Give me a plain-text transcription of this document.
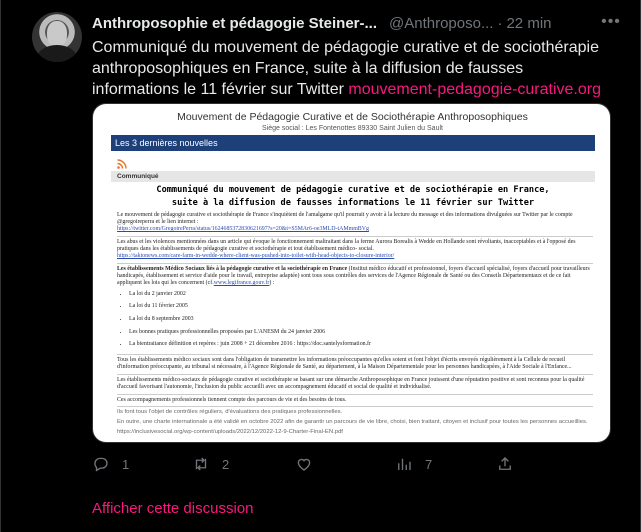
Anthroposophie et pédagogie Steiner-... @Anthroposo... · 22 min	•••
Communiqué du mouvement de pédagogie curative et de sociothérapie anthroposophiques en France, suite à la diffusion de fausses informations le 11 février sur Twitter mouvement-pedagogie-curative.org
Mouvement de Pédagogie Curative et de Sociothérapie Anthroposophiques
Siège social : Les Fontenottes 89330 Saint Julien du Sault
Les 3 dernières nouvelles
Communiqué
Communiqué du mouvement de pédagogie curative et de sociothérapie en France,
suite à la diffusion de fausses informations le 11 février sur Twitter

Le mouvement de pédagogie curative et sociothérapie de France s'inquiètent de l'amalgame qu'il pourrait y avoir à la lecture du message et des informations divulguées sur Twitter par le compte @gregoireperra et le lien internet :
https://twitter.com/GregoirePerra/status/1624685372830621697?s=20&t=S5MAr6-oe3MLD-tAMmmBVg

Les abus et les violences mentionnées dans un article qui évoque le fonctionnement maltraitant dans la ferme Aurora Borealis à Wedde en Hollande sont révoltants, inacceptables et à l'opposé des pratiques dans les établissements de pédagogie curative et sociothérapie et tout établissement médico- social.
https://taktonews.com/care-farm-in-wedde-where-client-was-pushed-into-toilet-with-head-objects-to-closure-interior/

Les établissements Médico Sociaux liés à la pédagogie curative et la sociothérapie en France (Institut médico éducatif et professionnel, foyers d'accueil spécialisé, foyers d'accueil pour travailleurs handicapés, établissement et service d'aide pour le travail, entreprise adaptée) sont tous sous contrôles des services de l'Agence Régionale de Santé ou des Conseils Départementaux et de ce fait appliquent les lois qui les concernent (cf.www.legifrance.gouv.fr) :

• La loi du 2 janvier 2002
• La loi du 11 février 2005
• La loi du 8 septembre 2003
• Les bonnes pratiques professionnelles proposées par L'ANESM du 24 janvier 2006
• La bientraitance définition et repères : juin 2008 + 21 décembre 2016 : https://doc.santelysformation.fr

Tous les établissements médico sociaux sont dans l'obligation de transmettre les informations préoccupantes qu'elles soient et font l'objet d'écrits envoyés régulièrement à la Cellule de recueil d'information préoccupante, au tribunal si nécessaire, à l'Agence Régionale de Santé, au département, à la Maison Départementale pour les personnes handicapées, à l'Aide Sociale à l'Enfance...

Les établissements médico-sociaux de pédagogie curative et sociothérapie se basant sur une démarche Anthroposophique en France jouissent d'une réputation positive et sont reconnus pour la qualité d'accueil favorisant l'autonomie, l'inclusion du public accueilli avec un accompagnement éducatif et social de qualité et individualisé.

Ces accompagnements professionnels tiennent compte des parcours de vie et des besoins de tous.

Ils font tous l'objet de contrôles réguliers, d'évaluations des pratiques professionnelles.

En outre, une charte internationale a été validé en octobre 2022 afin de garantir un parcours de vie libre, choisi, bien traitant, citoyen et inclusif pour toutes les personnes accueillies.

https://inclusivesocial.org/wp-content/uploads/2022/12/2022-12-9-Charter-Final-EN.pdf

1	2	7
Afficher cette discussion
